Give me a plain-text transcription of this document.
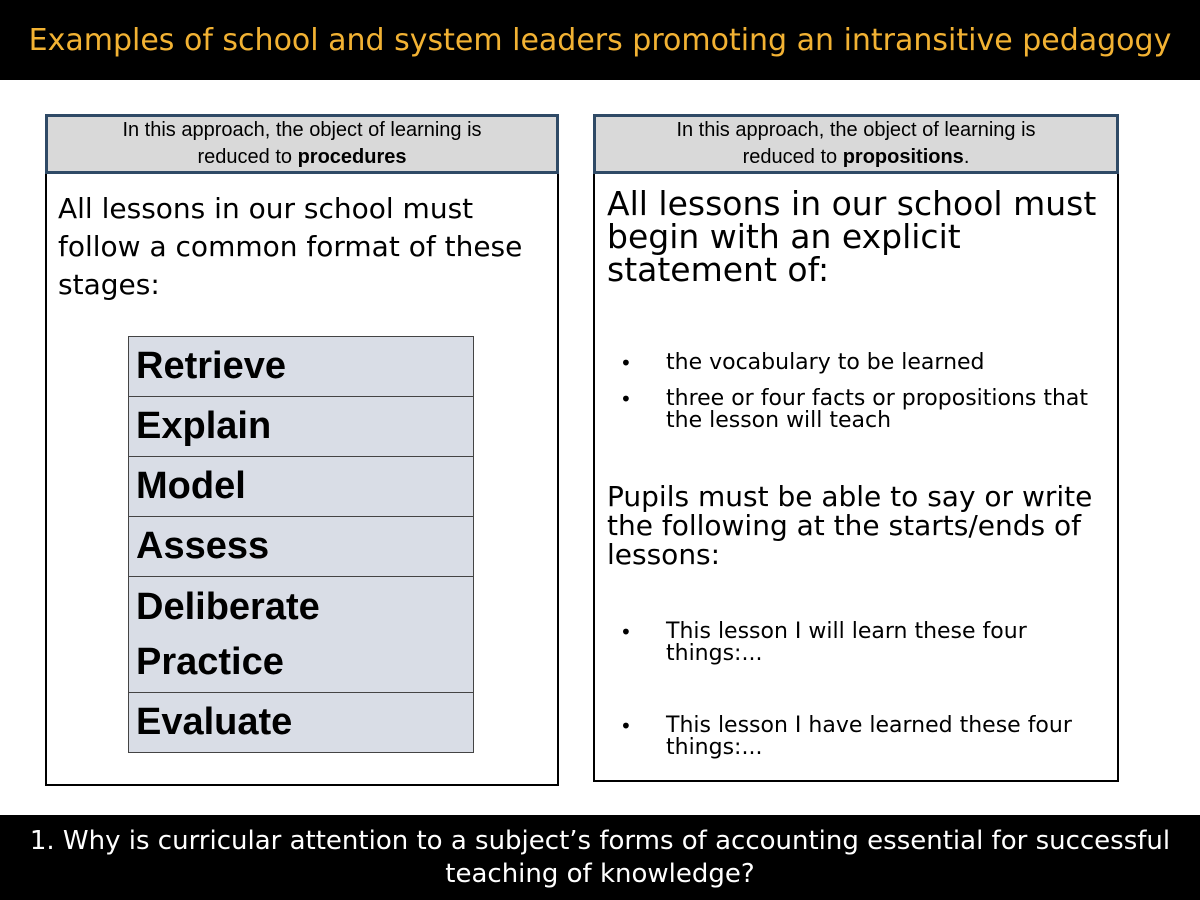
Examples of school and system leaders promoting an intransitive pedagogy
In this approach, the object of learning is
reduced to procedures
All lessons in our school must
follow a common format of these
stages:
Retrieve
Explain
Model
Assess
Deliberate
Practice
Evaluate
In this approach, the object of learning is
reduced to propositions.
All lessons in our school must
begin with an explicit
statement of:
•	the vocabulary to be learned
•	three or four facts or propositions that
the lesson will teach
Pupils must be able to say or write
the following at the starts/ends of
lessons:
•	This lesson I will learn these four
things:...
•	This lesson I have learned these four
things:...
1. Why is curricular attention to a subject’s forms of accounting essential for successful
teaching of knowledge?
